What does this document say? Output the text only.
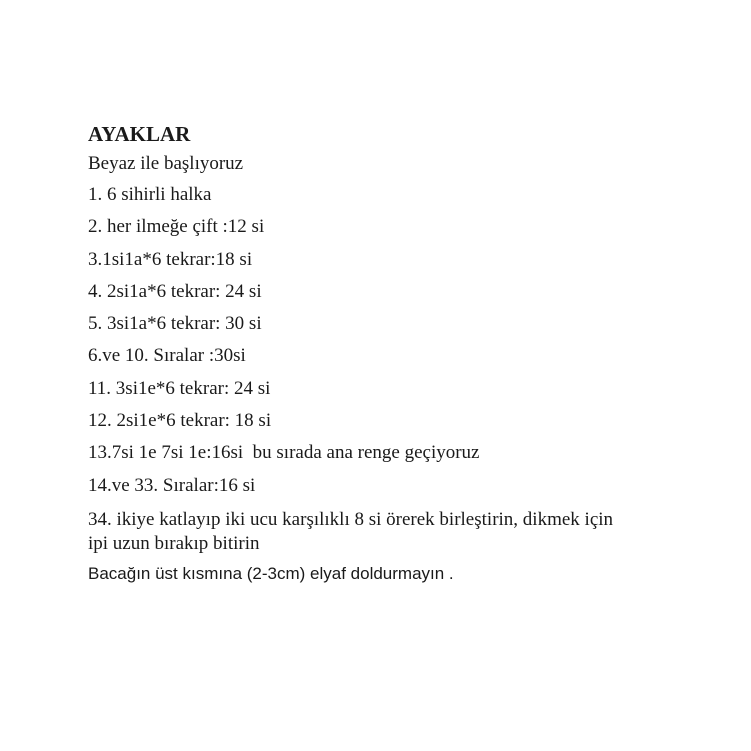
AYAKLAR

Beyaz ile başlıyoruz

1. 6 sihirli halka

2. her ilmeğe çift :12 si

3.1si1a*6 tekrar:18 si

4. 2si1a*6 tekrar: 24 si

5. 3si1a*6 tekrar: 30 si

6.ve 10. Sıralar :30si

11. 3si1e*6 tekrar: 24 si

12. 2si1e*6 tekrar: 18 si

13.7si 1e 7si 1e:16si  bu sırada ana renge geçiyoruz

14.ve 33. Sıralar:16 si

34. ikiye katlayıp iki ucu karşılıklı 8 si örerek birleştirin, dikmek için ipi uzun bırakıp bitirin

Bacağın üst kısmına (2-3cm) elyaf doldurmayın .
